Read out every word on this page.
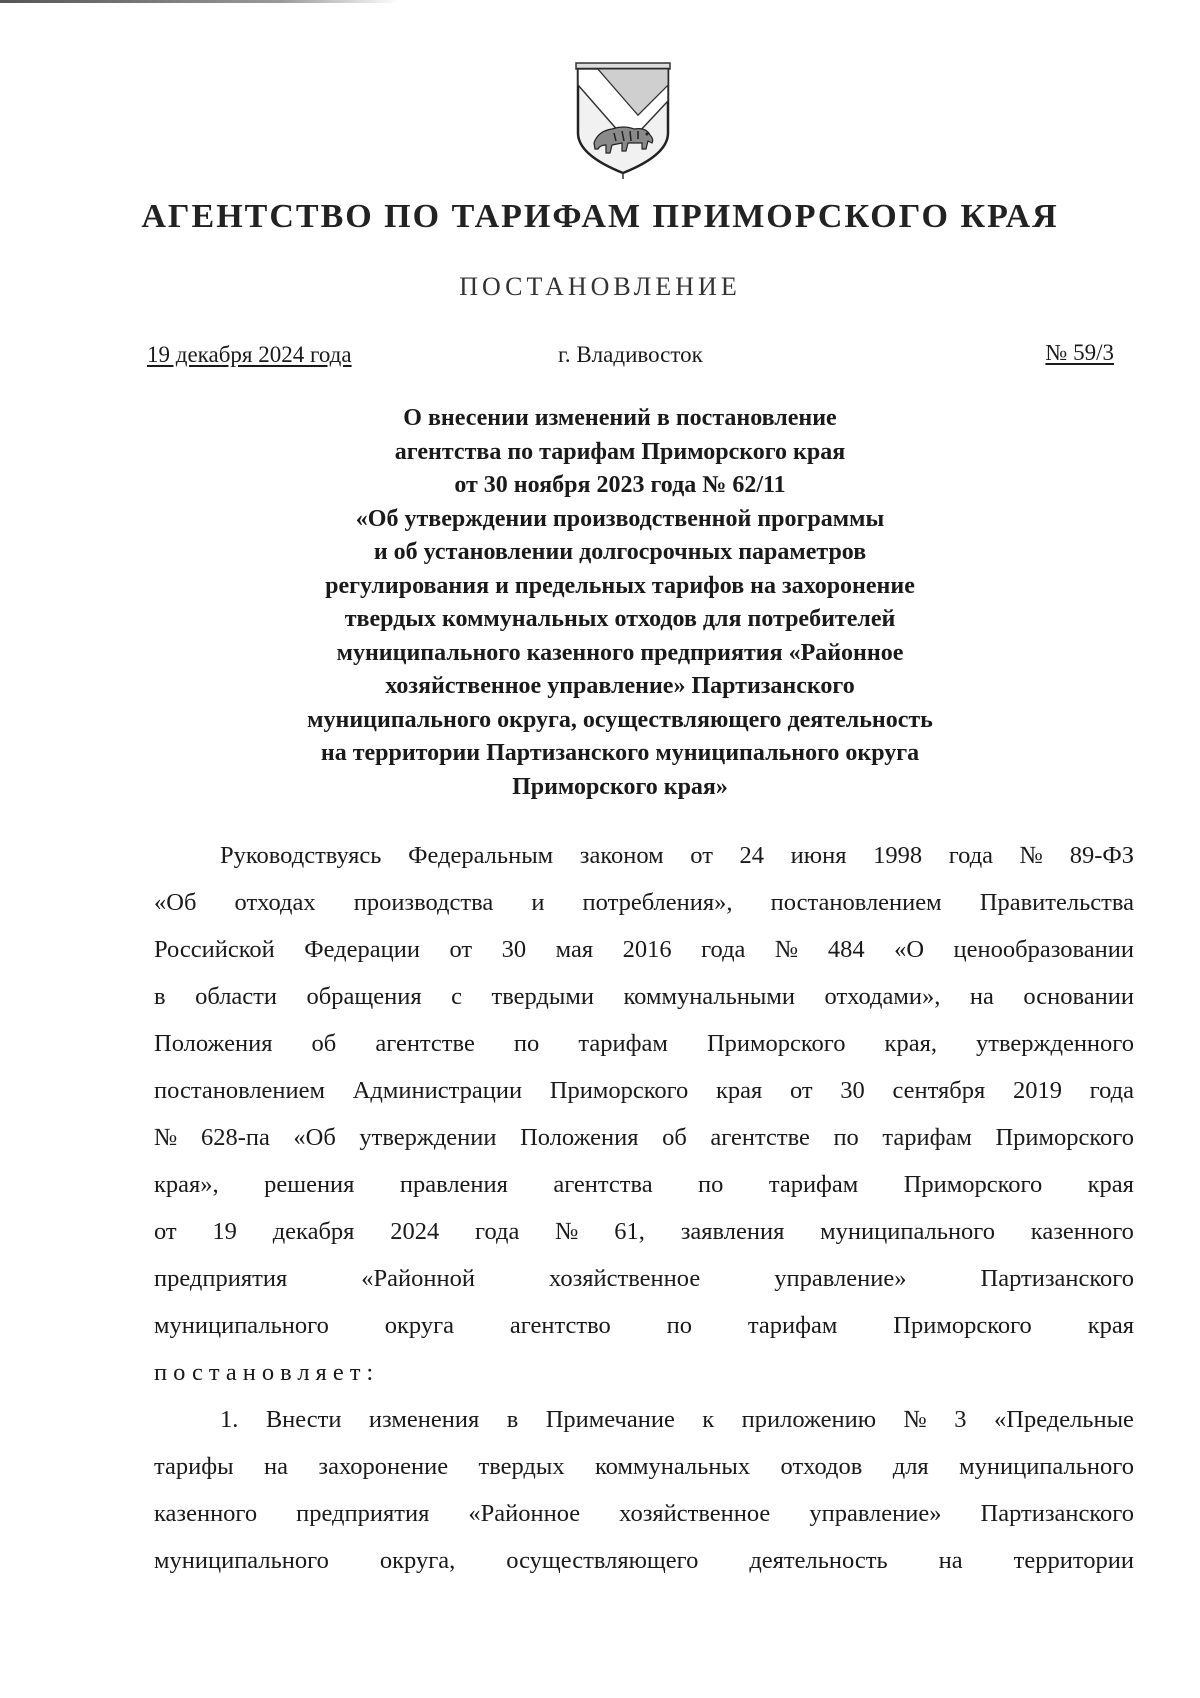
АГЕНТСТВО ПО ТАРИФАМ ПРИМОРСКОГО КРАЯ
ПОСТАНОВЛЕНИЕ
19 декабря 2024 года	г. Владивосток	№ 59/3
О внесении изменений в постановление
агентства по тарифам Приморского края
от 30 ноября 2023 года № 62/11
«Об утверждении производственной программы
и об установлении долгосрочных параметров
регулирования и предельных тарифов на захоронение
твердых коммунальных отходов для потребителей
муниципального казенного предприятия «Районное
хозяйственное управление» Партизанского
муниципального округа, осуществляющего деятельность
на территории Партизанского муниципального округа
Приморского края»
Руководствуясь Федеральным законом от 24 июня 1998 года № 89-ФЗ
«Об отходах производства и потребления», постановлением Правительства
Российской Федерации от 30 мая 2016 года № 484 «О ценообразовании
в области обращения с твердыми коммунальными отходами», на основании
Положения об агентстве по тарифам Приморского края, утвержденного
постановлением Администрации Приморского края от 30 сентября 2019 года
№ 628-па «Об утверждении Положения об агентстве по тарифам Приморского
края», решения правления агентства по тарифам Приморского края
от 19 декабря 2024 года № 61, заявления муниципального казенного
предприятия	«Районной	хозяйственное	управление»	Партизанского
муниципального округа агентство по тарифам Приморского края
постановляет:
1. Внести изменения в Примечание к приложению № 3 «Предельные
тарифы на захоронение твердых коммунальных отходов для муниципального
казенного предприятия «Районное хозяйственное управление» Партизанского
муниципального округа, осуществляющего деятельность на территории
